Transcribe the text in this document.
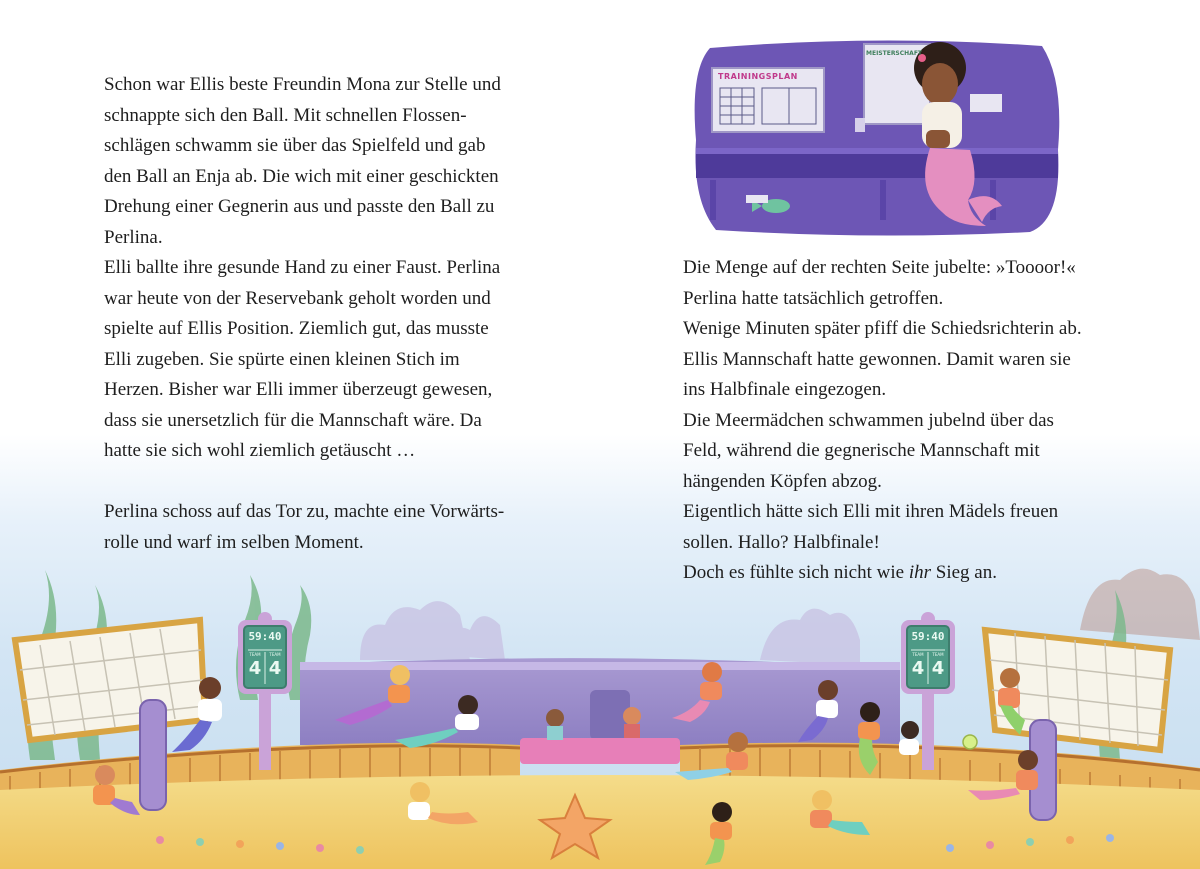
59:40
TEAM	TEAM
4 4
59:40
TEAM	TEAM
4 4
TRAININGSPLAN
MEISTERSCHAFT

Schon war Ellis beste Freundin Mona zur Stelle und

schnappte sich den Ball. Mit schnellen Flossen-

schlägen schwamm sie über das Spielfeld und gab

den Ball an Enja ab. Die wich mit einer geschickten

Drehung einer Gegnerin aus und passte den Ball zu

Perlina.

Elli ballte ihre gesunde Hand zu einer Faust. Perlina

war heute von der Reservebank geholt worden und

spielte auf Ellis Position. Ziemlich gut, das musste

Elli zugeben. Sie spürte einen kleinen Stich im

Herzen. Bisher war Elli immer überzeugt gewesen,

dass sie unersetzlich für die Mannschaft wäre. Da

hatte sie sich wohl ziemlich getäuscht …

Perlina schoss auf das Tor zu, machte eine Vorwärts-

rolle und warf im selben Moment.

Die Menge auf der rechten Seite jubelte: »Toooor!«

Perlina hatte tatsächlich getroffen.

Wenige Minuten später pfiff die Schiedsrichterin ab.

Ellis Mannschaft hatte gewonnen. Damit waren sie

ins Halbfinale eingezogen.

Die Meermädchen schwammen jubelnd über das

Feld, während die gegnerische Mannschaft mit

hängenden Köpfen abzog.

Eigentlich hätte sich Elli mit ihren Mädels freuen

sollen. Hallo? Halbfinale!

Doch es fühlte sich nicht wie ihr Sieg an.
